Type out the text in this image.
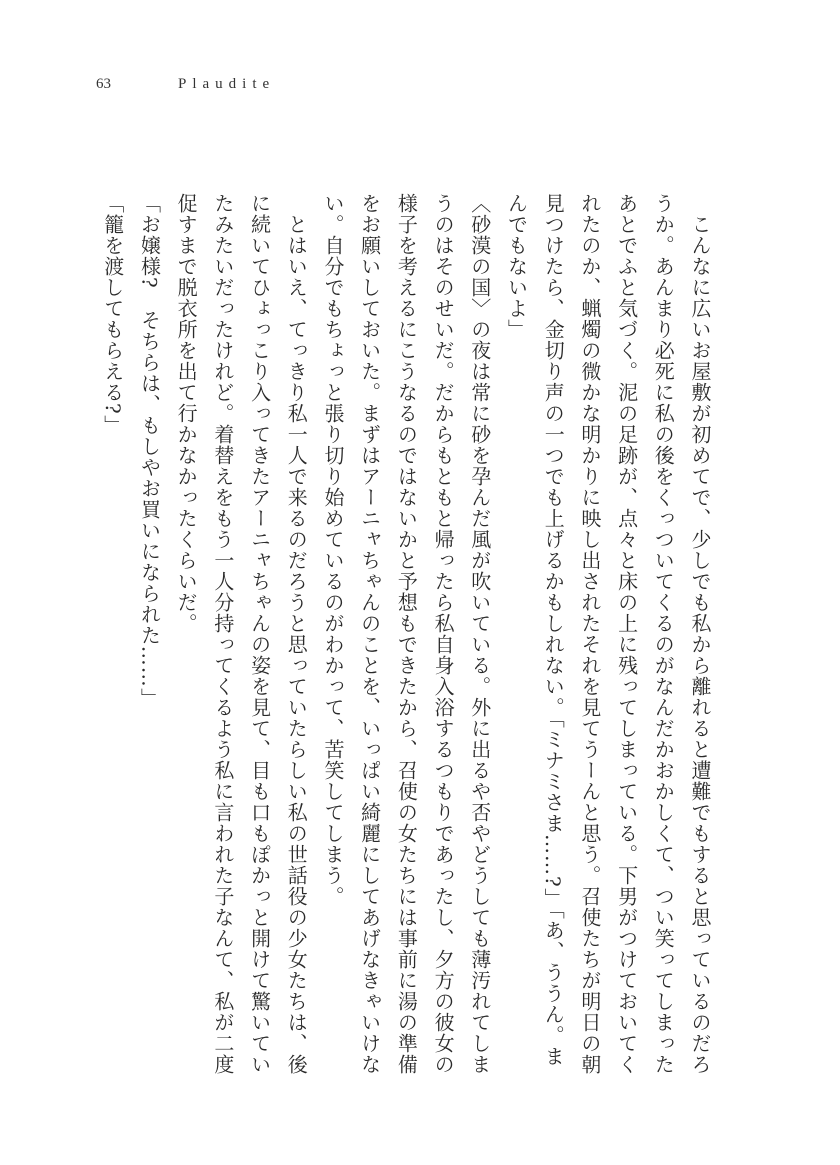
63	Plaudite
　こんなに広いお屋敷が初めてで、少しでも私から離れると遭難でもすると思っているのだろ
うか。あんまり必死に私の後をくっついてくるのがなんだかおかしくて、つい笑ってしまった
あとでふと気づく。泥の足跡が、点々と床の上に残ってしまっている。下男がつけておいてく
れたのか、蝋燭の微かな明かりに映し出されたそれを見てうーんと思う。召使たちが明日の朝
見つけたら、金切り声の一つでも上げるかもしれない。「ミナミさま……?」「あ、ううん。ま
んでもないよ」
〈砂漠の国〉の夜は常に砂を孕んだ風が吹いている。外に出るや否やどうしても薄汚れてしま
うのはそのせいだ。だからもともと帰ったら私自身入浴するつもりであったし、夕方の彼女の
様子を考えるにこうなるのではないかと予想もできたから、召使の女たちには事前に湯の準備
をお願いしておいた。まずはアーニャちゃんのことを、いっぱい綺麗にしてあげなきゃいけな
い。自分でもちょっと張り切り始めているのがわかって、苦笑してしまう。
　とはいえ、てっきり私一人で来るのだろうと思っていたらしい私の世話役の少女たちは、後
に続いてひょっこり入ってきたアーニャちゃんの姿を見て、目も口もぽかっと開けて驚いてい
たみたいだったけれど。着替えをもう一人分持ってくるよう私に言われた子なんて、私が二度
促すまで脱衣所を出て行かなかったくらいだ。
「お嬢様?　そちらは、もしやお買いになられた……」
「籠を渡してもらえる?」
